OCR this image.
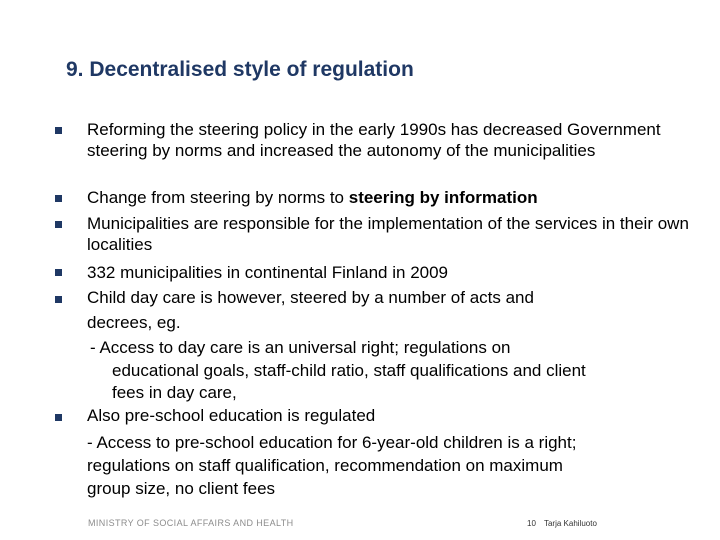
9. Decentralised style of regulation
Reforming the steering policy in the early 1990s has decreased Government steering by norms and increased the autonomy of the municipalities
Change from steering by norms to steering by information
Municipalities are responsible for the implementation of the services in their own localities
332 municipalities in continental Finland in 2009
Child day care is however, steered by a number of acts and
decrees, eg.
- Access to day care is an universal right; regulations on
educational goals, staff-child ratio, staff qualifications and client
fees in day care,
Also pre-school education is regulated
- Access to pre-school education for 6-year-old children is a right;
regulations on staff qualification, recommendation on maximum
group size, no client fees
MINISTRY OF SOCIAL AFFAIRS AND HEALTH	10 Tarja Kahiluoto
